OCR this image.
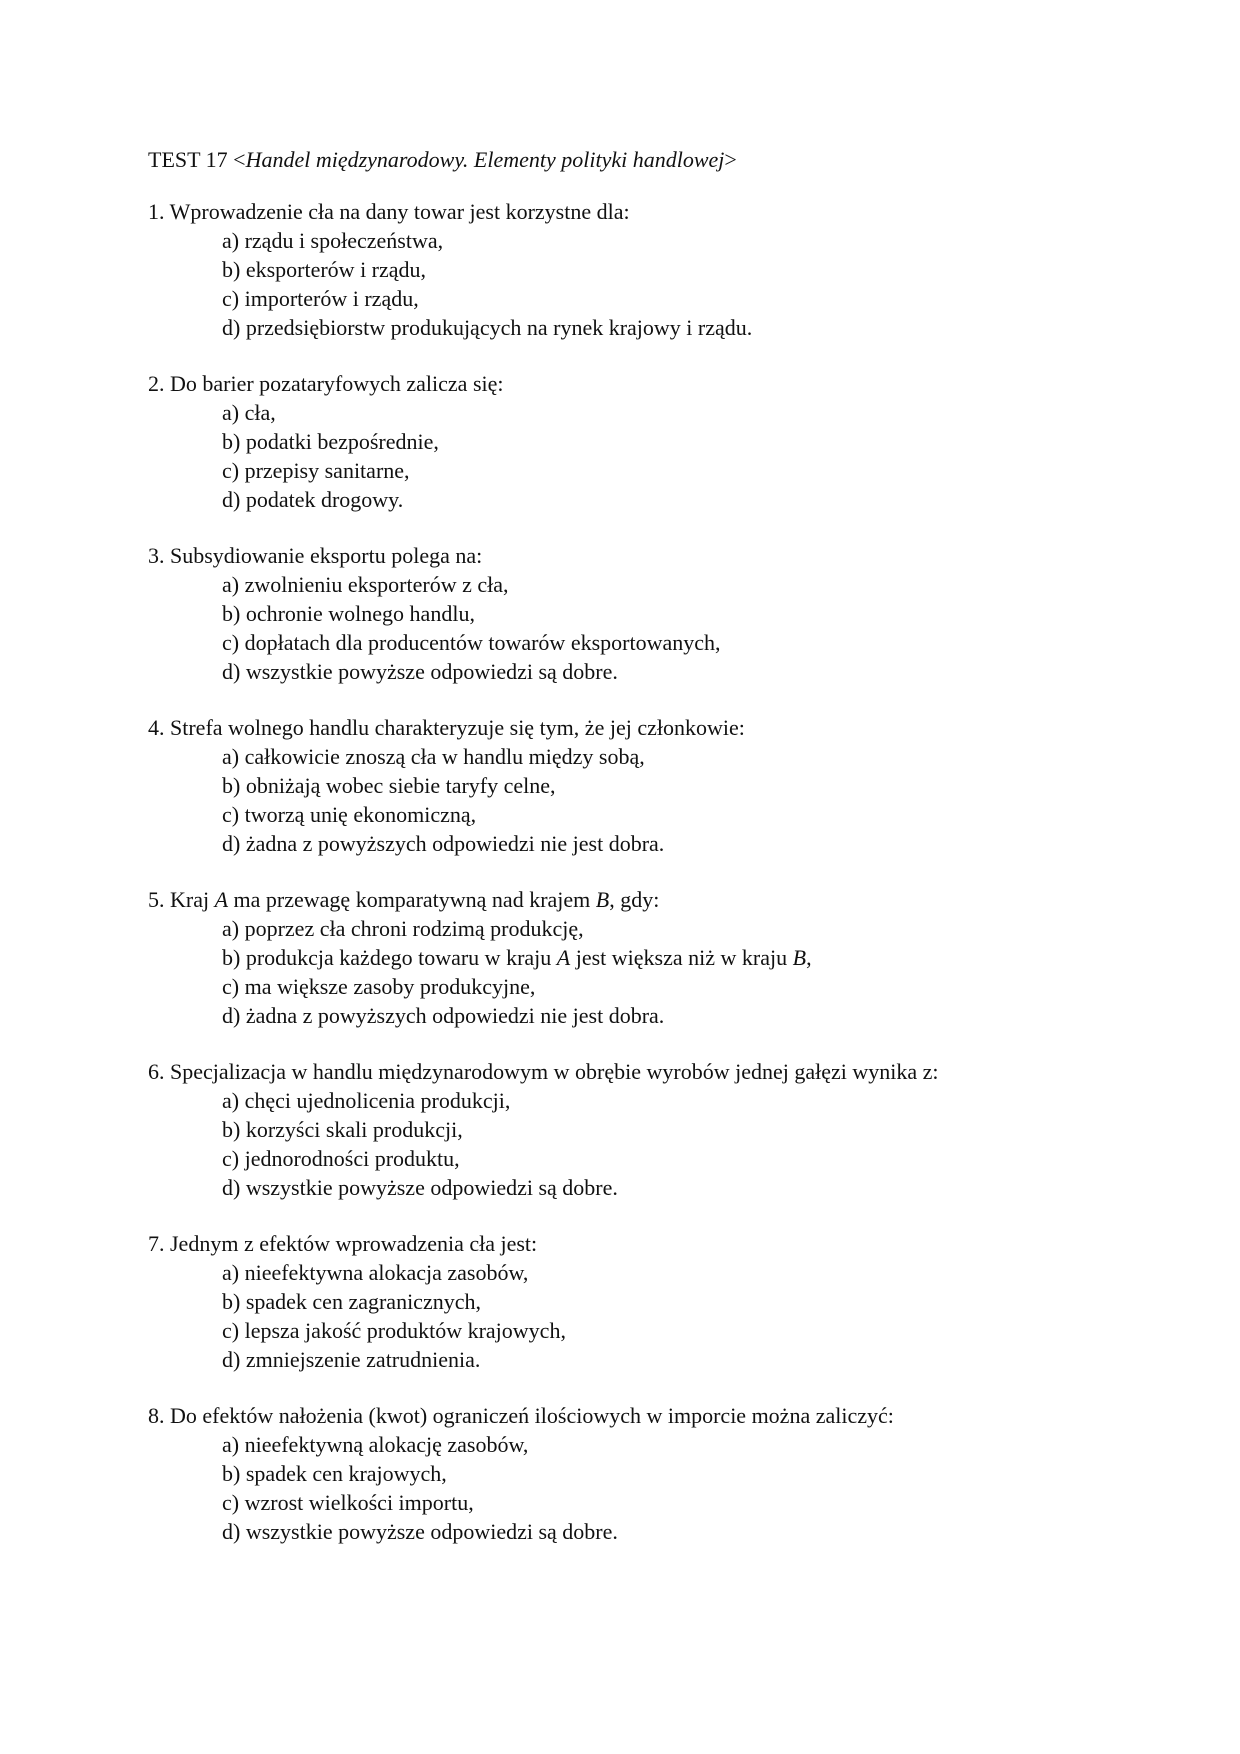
TEST 17 <Handel międzynarodowy. Elementy polityki handlowej>

1. Wprowadzenie cła na dany towar jest korzystne dla:

a) rządu i społeczeństwa,

b) eksporterów i rządu,

c) importerów i rządu,

d) przedsiębiorstw produkujących na rynek krajowy i rządu.

2. Do barier pozataryfowych zalicza się:

a) cła,

b) podatki bezpośrednie,

c) przepisy sanitarne,

d) podatek drogowy.

3. Subsydiowanie eksportu polega na:

a) zwolnieniu eksporterów z cła,

b) ochronie wolnego handlu,

c) dopłatach dla producentów towarów eksportowanych,

d) wszystkie powyższe odpowiedzi są dobre.

4. Strefa wolnego handlu charakteryzuje się tym, że jej członkowie:

a) całkowicie znoszą cła w handlu między sobą,

b) obniżają wobec siebie taryfy celne,

c) tworzą unię ekonomiczną,

d) żadna z powyższych odpowiedzi nie jest dobra.

5. Kraj A ma przewagę komparatywną nad krajem B, gdy:

a) poprzez cła chroni rodzimą produkcję,

b) produkcja każdego towaru w kraju A jest większa niż w kraju B,

c) ma większe zasoby produkcyjne,

d) żadna z powyższych odpowiedzi nie jest dobra.

6. Specjalizacja w handlu międzynarodowym w obrębie wyrobów jednej gałęzi wynika z:

a) chęci ujednolicenia produkcji,

b) korzyści skali produkcji,

c) jednorodności produktu,

d) wszystkie powyższe odpowiedzi są dobre.

7. Jednym z efektów wprowadzenia cła jest:

a) nieefektywna alokacja zasobów,

b) spadek cen zagranicznych,

c) lepsza jakość produktów krajowych,

d) zmniejszenie zatrudnienia.

8. Do efektów nałożenia (kwot) ograniczeń ilościowych w imporcie można zaliczyć:

a) nieefektywną alokację zasobów,

b) spadek cen krajowych,

c) wzrost wielkości importu,

d) wszystkie powyższe odpowiedzi są dobre.
